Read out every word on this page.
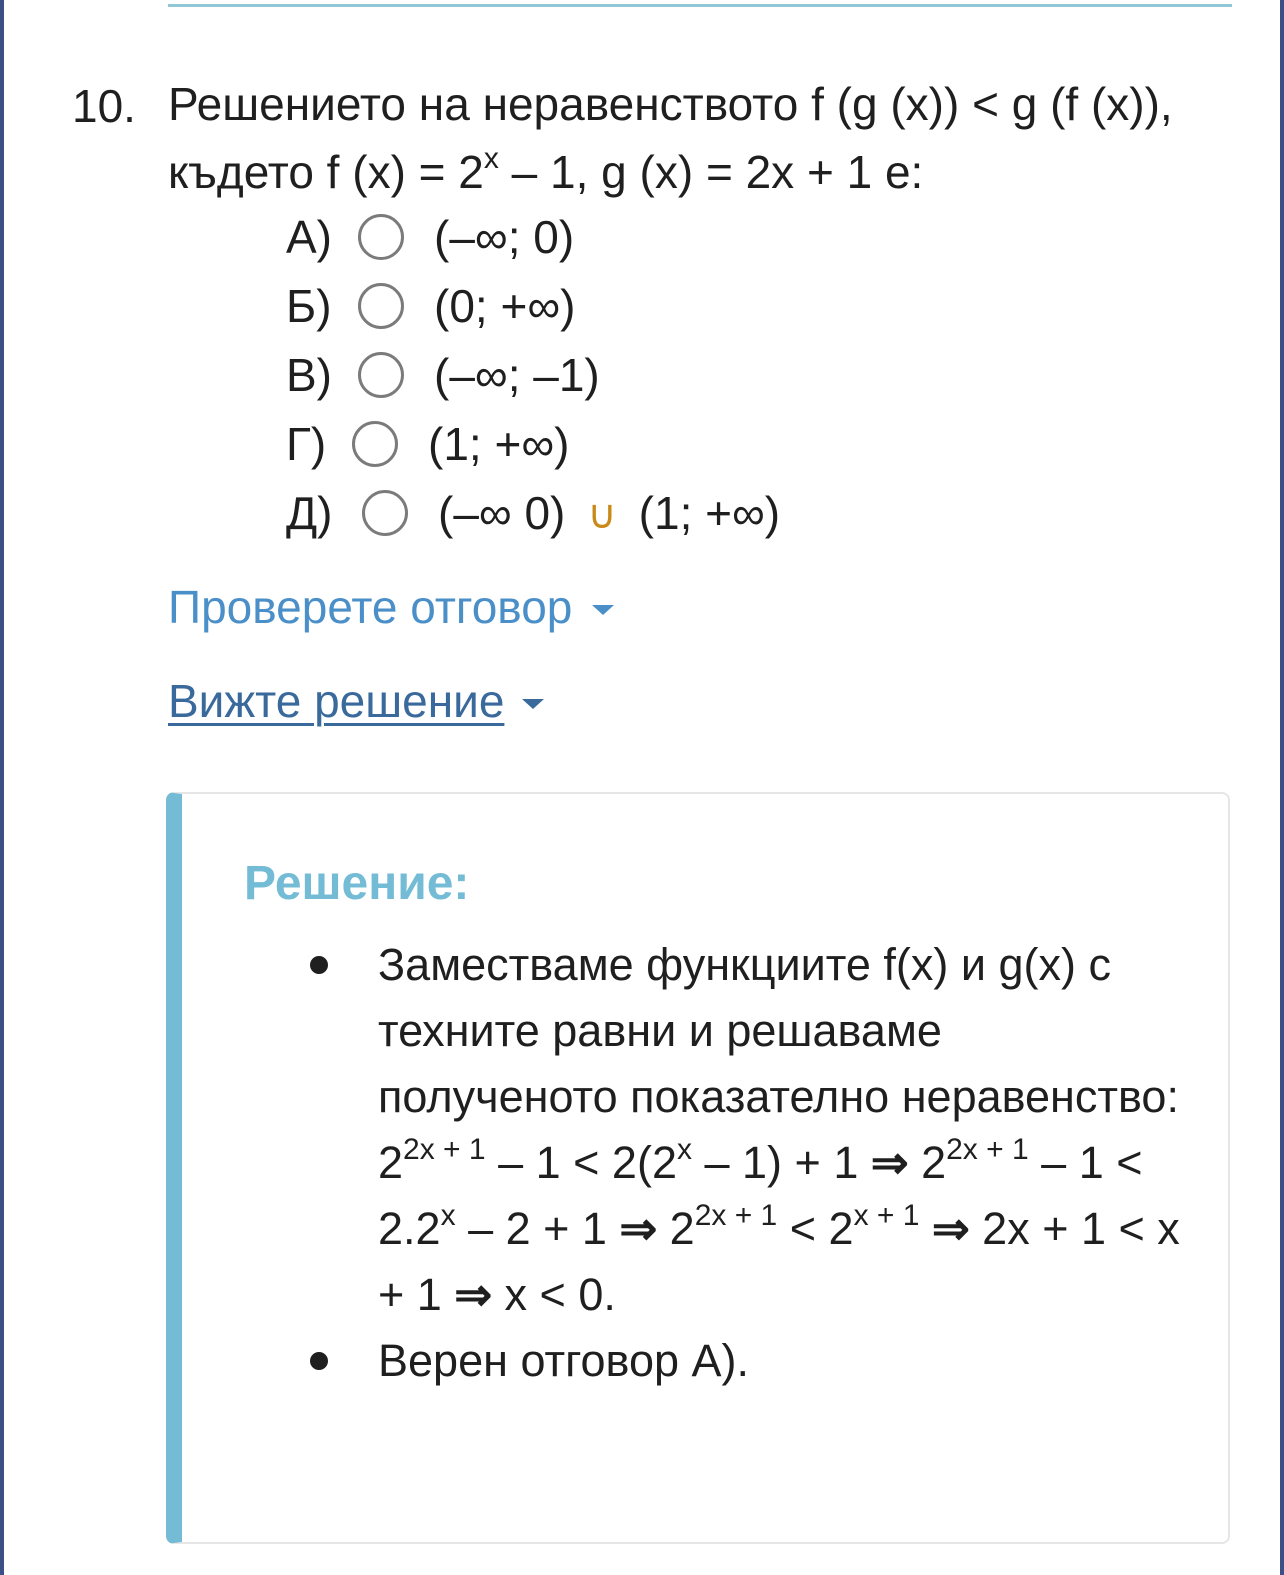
10. Решението на неравенството f (g (x)) < g (f (x)),
където f $(x) = 2^x - 1$, g (x) = 2x + 1 е:
А)	(–∞; 0)
Б)	(0; +∞)
В)	(–∞; –1)
Г)	(1; +∞)
Д)	(–∞ 0) ∪ (1; +∞)
Проверете отговор
Вижте решение
Решение:
Заместваме функциите f(x) и g(x) с техните равни и решаваме полученото показателно неравенство:
$2^{2x + 1} - 1 < 2(2^x - 1) + 1$ ⇒ $2^{2x + 1} - 1 < 2.2^x - 2 + 1$ ⇒ $2^{2x + 1} < 2^{x + 1}$ ⇒ 2x + 1 < x + 1 ⇒ x < 0.
Верен отговор А).
